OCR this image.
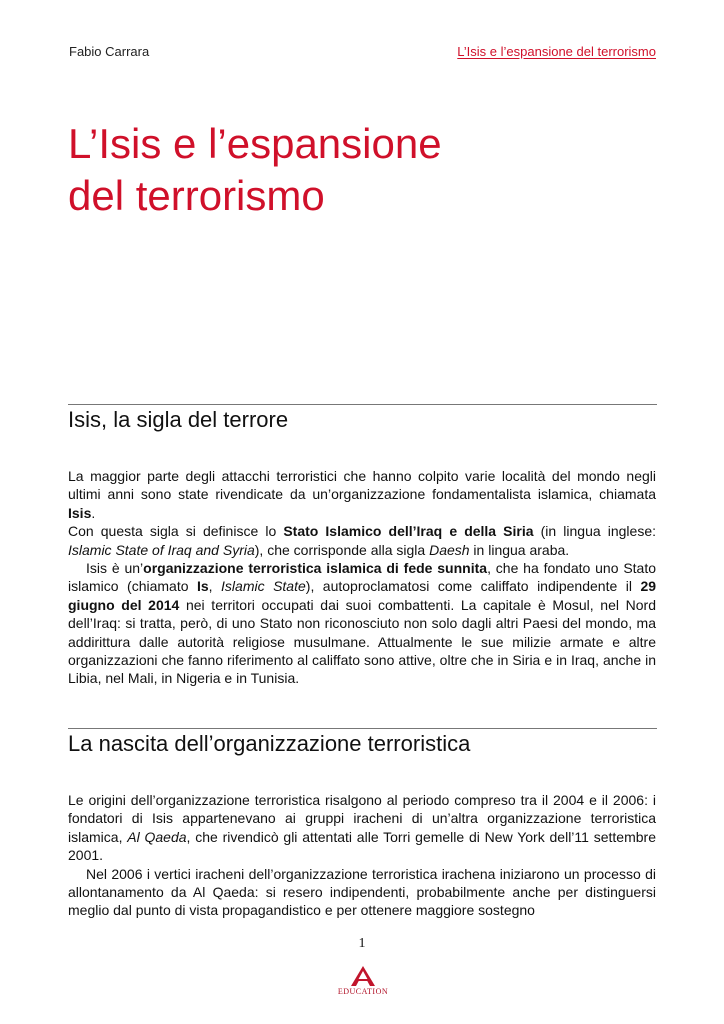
Fabio Carrara	L’Isis e l’espansione del terrorismo
L’Isis e l’espansione
del terrorismo
Isis, la sigla del terrore

La maggior parte degli attacchi terroristici che hanno colpito varie località del mondo negli ultimi anni sono state rivendicate da un’organizzazione fondamentalista islamica, chiamata Isis.

Con questa sigla si definisce lo Stato Islamico dell’Iraq e della Siria (in lingua inglese: Islamic State of Iraq and Syria), che corrisponde alla sigla Daesh in lingua araba.

Isis è un’organizzazione terroristica islamica di fede sunnita, che ha fondato uno Stato islamico (chiamato Is, Islamic State), autoproclamatosi come califfato indipendente il 29 giugno del 2014 nei territori occupati dai suoi combattenti. La capitale è Mosul, nel Nord dell’Iraq: si tratta, però, di uno Stato non riconosciuto non solo dagli altri Paesi del mondo, ma addirittura dalle autorità religiose musulmane. Attualmente le sue milizie armate e altre organizzazioni che fanno riferimento al califfato sono attive, oltre che in Siria e in Iraq, anche in Libia, nel Mali, in Nigeria e in Tunisia.

La nascita dell’organizzazione terroristica

Le origini dell’organizzazione terroristica risalgono al periodo compreso tra il 2004 e il 2006: i fondatori di Isis appartenevano ai gruppi iracheni di un’altra organizzazione terroristica islamica, Al Qaeda, che rivendicò gli attentati alle Torri gemelle di New York dell’11 settembre 2001.

Nel 2006 i vertici iracheni dell’organizzazione terroristica irachena iniziarono un processo di allontanamento da Al Qaeda: si resero indipendenti, probabilmente anche per distinguersi meglio dal punto di vista propagandistico e per ottenere maggiore sostegno

1
EDUCATION
